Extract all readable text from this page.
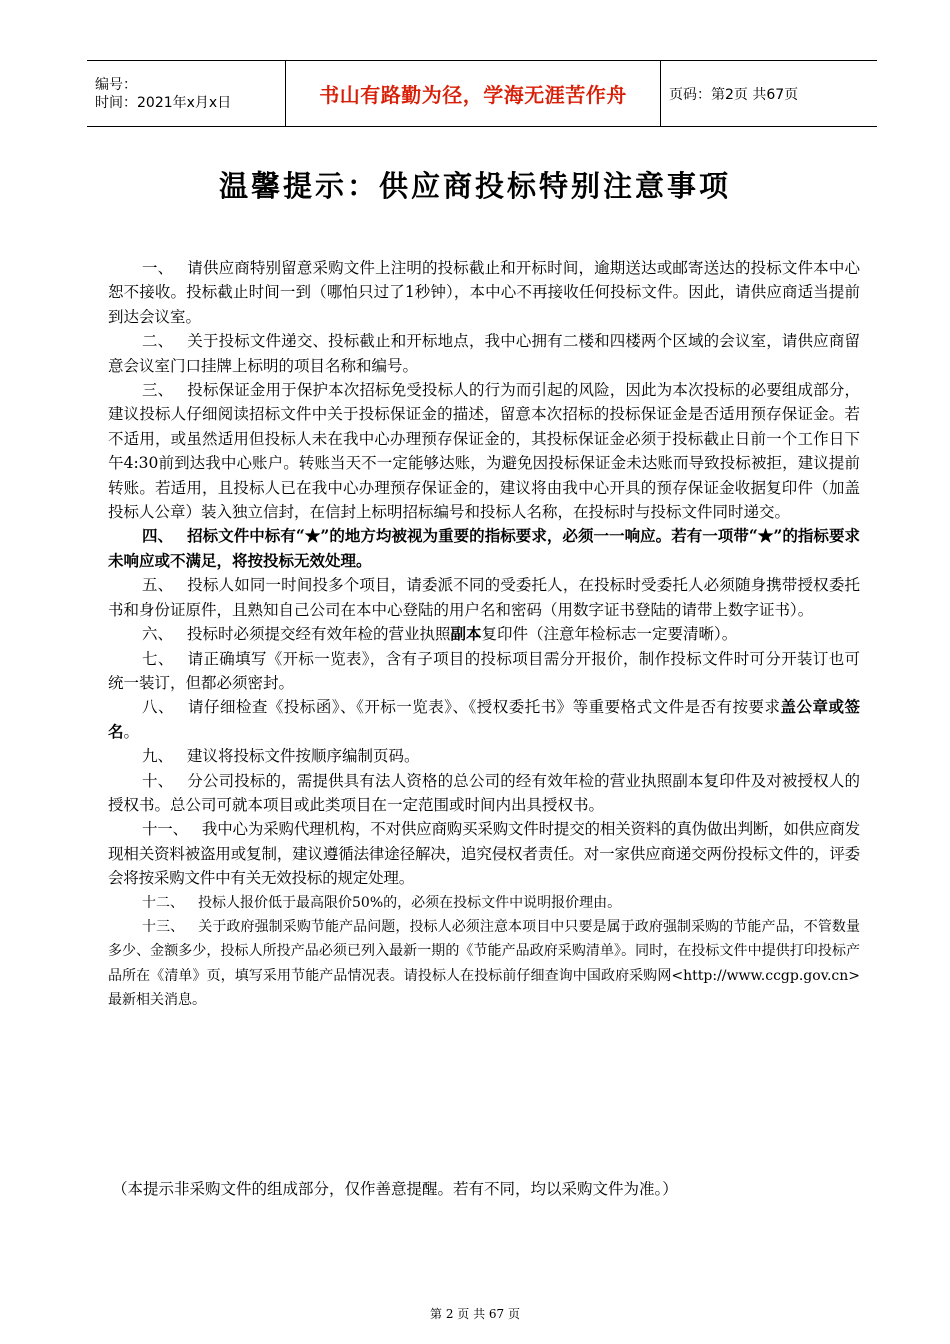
编号：
时间：2021年x月x日	书山有路勤为径，学海无涯苦作舟	页码：第2页 共67页
温馨提示：供应商投标特别注意事项

一、 请供应商特别留意采购文件上注明的投标截止和开标时间，逾期送达或邮寄送达的投标文件本中心恕不接收。投标截止时间一到（哪怕只过了1秒钟），本中心不再接收任何投标文件。因此，请供应商适当提前到达会议室。

二、 关于投标文件递交、投标截止和开标地点，我中心拥有二楼和四楼两个区域的会议室，请供应商留意会议室门口挂牌上标明的项目名称和编号。

三、 投标保证金用于保护本次招标免受投标人的行为而引起的风险，因此为本次投标的必要组成部分，建议投标人仔细阅读招标文件中关于投标保证金的描述，留意本次招标的投标保证金是否适用预存保证金。若不适用，或虽然适用但投标人未在我中心办理预存保证金的，其投标保证金必须于投标截止日前一个工作日下午4:30前到达我中心账户。转账当天不一定能够达账，为避免因投标保证金未达账而导致投标被拒，建议提前转账。若适用，且投标人已在我中心办理预存保证金的，建议将由我中心开具的预存保证金收据复印件（加盖投标人公章）装入独立信封，在信封上标明招标编号和投标人名称，在投标时与投标文件同时递交。

四、 招标文件中标有“★”的地方均被视为重要的指标要求，必须一一响应。若有一项带“★”的指标要求未响应或不满足，将按投标无效处理。

五、 投标人如同一时间投多个项目，请委派不同的受委托人，在投标时受委托人必须随身携带授权委托书和身份证原件，且熟知自己公司在本中心登陆的用户名和密码（用数字证书登陆的请带上数字证书）。

六、 投标时必须提交经有效年检的营业执照副本复印件（注意年检标志一定要清晰）。

七、 请正确填写《开标一览表》，含有子项目的投标项目需分开报价，制作投标文件时可分开装订也可统一装订，但都必须密封。

八、 请仔细检查《投标函》、《开标一览表》、《授权委托书》等重要格式文件是否有按要求盖公章或签名。

九、 建议将投标文件按顺序编制页码。

十、 分公司投标的，需提供具有法人资格的总公司的经有效年检的营业执照副本复印件及对被授权人的授权书。总公司可就本项目或此类项目在一定范围或时间内出具授权书。

十一、 我中心为采购代理机构，不对供应商购买采购文件时提交的相关资料的真伪做出判断，如供应商发现相关资料被盗用或复制，建议遵循法律途径解决，追究侵权者责任。对一家供应商递交两份投标文件的，评委会将按采购文件中有关无效投标的规定处理。

十二、 投标人报价低于最高限价50%的，必须在投标文件中说明报价理由。

十三、 关于政府强制采购节能产品问题，投标人必须注意本项目中只要是属于政府强制采购的节能产品，不管数量多少、金额多少，投标人所投产品必须已列入最新一期的《节能产品政府采购清单》。同时，在投标文件中提供打印投标产品所在《清单》页，填写采用节能产品情况表。请投标人在投标前仔细查询中国政府采购网<http://www.ccgp.gov.cn>最新相关消息。

（本提示非采购文件的组成部分，仅作善意提醒。若有不同，均以采购文件为准。）
第 2 页 共 67 页
